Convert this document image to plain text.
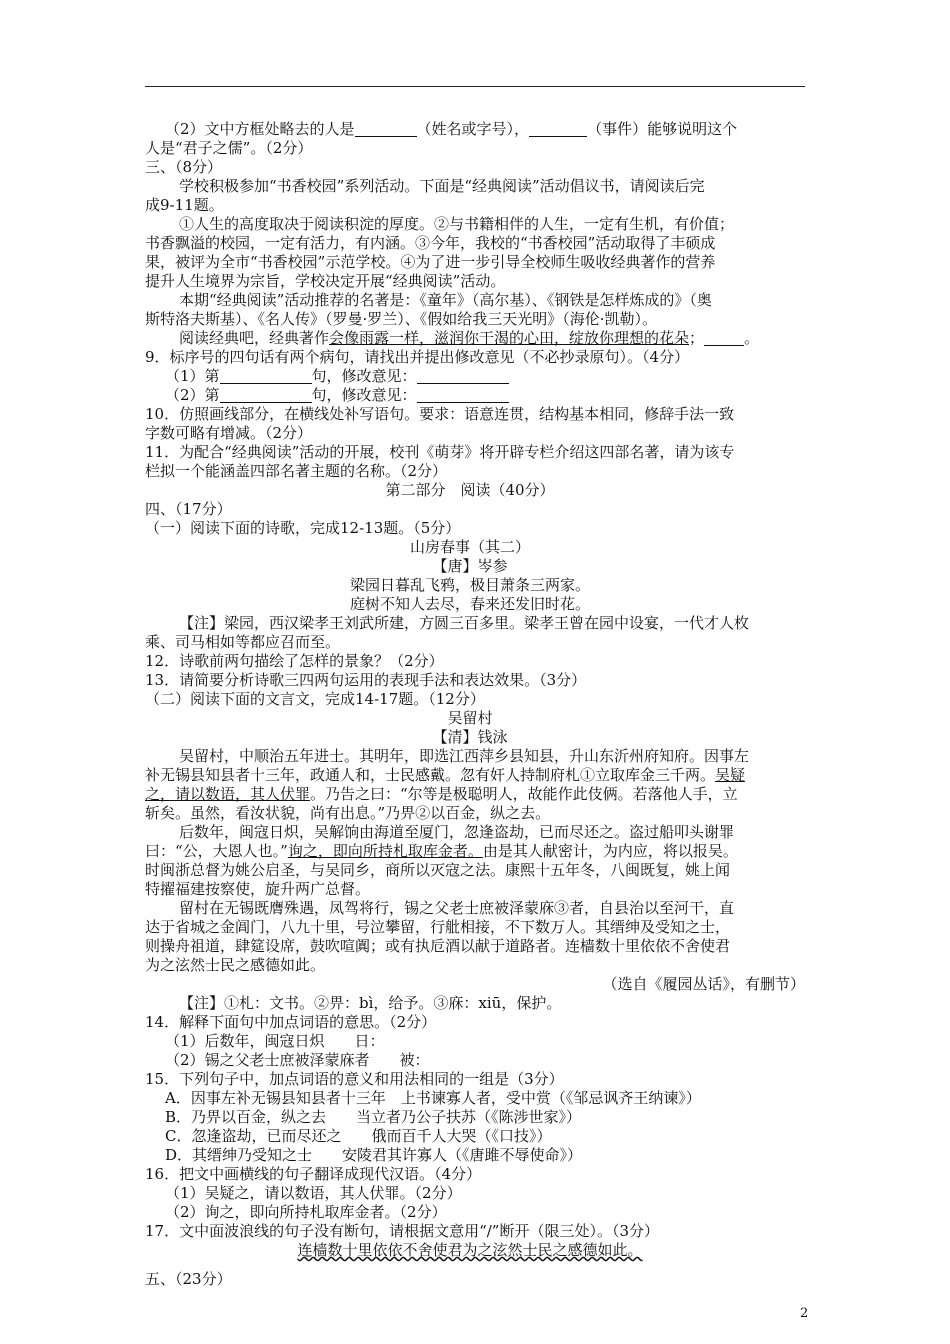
（2）文中方框处略去的人是	（姓名或字号），	（事件）能够说明这个
人是“君子之儒”。（2分）
三、（8分）
学校积极参加“书香校园”系列活动。下面是“经典阅读”活动倡议书，请阅读后完
成9-11题。
①人生的高度取决于阅读积淀的厚度。②与书籍相伴的人生，一定有生机，有价值；
书香飘溢的校园，一定有活力，有内涵。③今年，我校的“书香校园”活动取得了丰硕成
果，被评为全市“书香校园”示范学校。④为了进一步引导全校师生吸收经典著作的营养
提升人生境界为宗旨，学校决定开展“经典阅读”活动。
本期“经典阅读”活动推荐的名著是：《童年》（高尔基）、《钢铁是怎样炼成的》（奥
斯特洛夫斯基）、《名人传》（罗曼·罗兰）、《假如给我三天光明》（海伦·凯勒）。
阅读经典吧，经典著作会像雨露一样，滋润你干渴的心田，绽放你理想的花朵；	。
9．标序号的四句话有两个病句，请找出并提出修改意见（不必抄录原句）。（4分）
（1）第	句，修改意见：
（2）第	句，修改意见：
10．仿照画线部分，在横线处补写语句。要求：语意连贯，结构基本相同，修辞手法一致
字数可略有增减。（2分）
11．为配合“经典阅读”活动的开展，校刊《萌芽》将开辟专栏介绍这四部名著，请为该专
栏拟一个能涵盖四部名著主题的名称。（2分）
第二部分　阅读（40分）
四、（17分）
（一）阅读下面的诗歌，完成12-13题。（5分）
山房春事（其二）
【唐】岑参
梁园日暮乱飞鸦，极目萧条三两家。
庭树不知人去尽，春来还发旧时花。
【注】梁园，西汉梁孝王刘武所建，方圆三百多里。梁孝王曾在园中设宴，一代才人枚
乘、司马相如等都应召而至。
12．诗歌前两句描绘了怎样的景象？（2分）
13．请简要分析诗歌三四两句运用的表现手法和表达效果。（3分）
（二）阅读下面的文言文，完成14-17题。（12分）
吴留村
【清】钱泳
吴留村，中顺治五年进士。其明年，即选江西萍乡县知县，升山东沂州府知府。因事左
补无锡县知县者十三年，政通人和，士民感戴。忽有奸人持制府札①立取库金三千两。吴疑
之，请以数语，其人伏罪。乃告之曰：“尔等是极聪明人，故能作此伎俩。若落他人手，立
斩矣。虽然，看汝状貌，尚有出息。”乃畀②以百金，纵之去。
后数年，闽寇日炽，吴解饷由海道至厦门，忽逢盗劫，已而尽还之。盗过船叩头谢罪
曰：“公，大恩人也。”询之，即向所持札取库金者。由是其人献密计，为内应，将以报吴。
时闽浙总督为姚公启圣，与吴同乡，商所以灭寇之法。康熙十五年冬，八闽既复，姚上闻
特擢福建按察使，旋升两广总督。
留村在无锡既膺殊遇，凤驾将行，锡之父老士庶被泽蒙庥③者，自县治以至河干，直
达于省城之金阊门，八九十里，号泣攀留，行舭相接，不下数万人。其缙绅及受知之士，
则操舟祖道，肆筵设席，鼓吹喧阗；或有执卮酒以献于道路者。连樯数十里依依不舍使君
为之泫然士民之感德如此。
（选自《履园丛话》，有删节）
【注】①札：文书。②畀：bì，给予。③庥：xiū，保护。
14．解释下面句中加点词语的意思。（2分）
（1）后数年，闽寇日炽　　日：
（2）锡之父老士庶被泽蒙庥者　　被：
15．下列句子中，加点词语的意义和用法相同的一组是（3分）
A．因事左补无锡县知县者十三年　上书谏寡人者，受中赏（《邹忌讽齐王纳谏》）
B．乃畀以百金，纵之去　　当立者乃公子扶苏（《陈涉世家》）
C．忽逢盗劫，已而尽还之　　俄而百千人大哭（《口技》）
D．其缙绅乃受知之士　　安陵君其许寡人（《唐雎不辱使命》）
16．把文中画横线的句子翻译成现代汉语。（4分）
（1）吴疑之，请以数语，其人伏罪。（2分）
（2）询之，即向所持札取库金者。（2分）
17．文中面波浪线的句子没有断句，请根据文意用“/”断开（限三处）。（3分）
连樯数十里依依不舍使君为之泫然士民之感德如此。
五、（23分）
2
